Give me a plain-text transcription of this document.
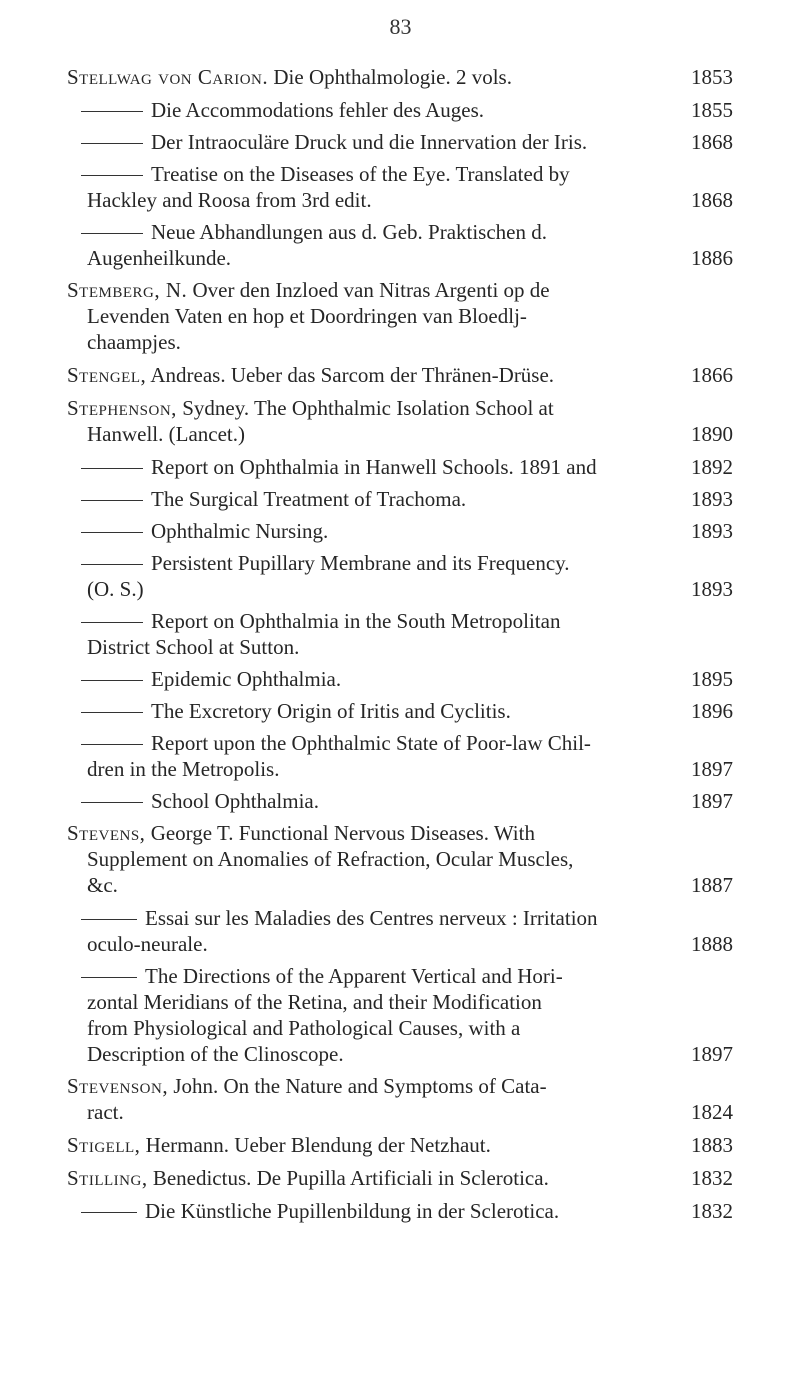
83
Stellwag von Carion. Die Ophthalmologie. 2 vols.	1853
Die Accommodations fehler des Auges.	1855
Der Intraoculäre Druck und die Innervation der Iris.	1868
Treatise on the Diseases of the Eye. Translated by
Hackley and Roosa from 3rd edit.	1868
Neue Abhandlungen aus d. Geb. Praktischen d.
Augenheilkunde.	1886
Stemberg, N. Over den Inzloed van Nitras Argenti op de
Levenden Vaten en hop et Doordringen van Bloedlj-
chaampjes.
Stengel, Andreas. Ueber das Sarcom der Thränen-Drüse.	1866
Stephenson, Sydney. The Ophthalmic Isolation School at
Hanwell. (Lancet.)	1890
Report on Ophthalmia in Hanwell Schools. 1891 and	1892
The Surgical Treatment of Trachoma.	1893
Ophthalmic Nursing.	1893
Persistent Pupillary Membrane and its Frequency.
(O. S.)	1893
Report on Ophthalmia in the South Metropolitan
District School at Sutton.
Epidemic Ophthalmia.	1895
The Excretory Origin of Iritis and Cyclitis.	1896
Report upon the Ophthalmic State of Poor-law Chil-
dren in the Metropolis.	1897
School Ophthalmia.	1897
Stevens, George T. Functional Nervous Diseases. With
Supplement on Anomalies of Refraction, Ocular Muscles,
&c.	1887
Essai sur les Maladies des Centres nerveux : Irritation
oculo-neurale.	1888
The Directions of the Apparent Vertical and Hori-
zontal Meridians of the Retina, and their Modification
from Physiological and Pathological Causes, with a
Description of the Clinoscope.	1897
Stevenson, John. On the Nature and Symptoms of Cata-
ract.	1824
Stigell, Hermann. Ueber Blendung der Netzhaut.	1883
Stilling, Benedictus. De Pupilla Artificiali in Sclerotica.	1832
Die Künstliche Pupillenbildung in der Sclerotica.	1832
